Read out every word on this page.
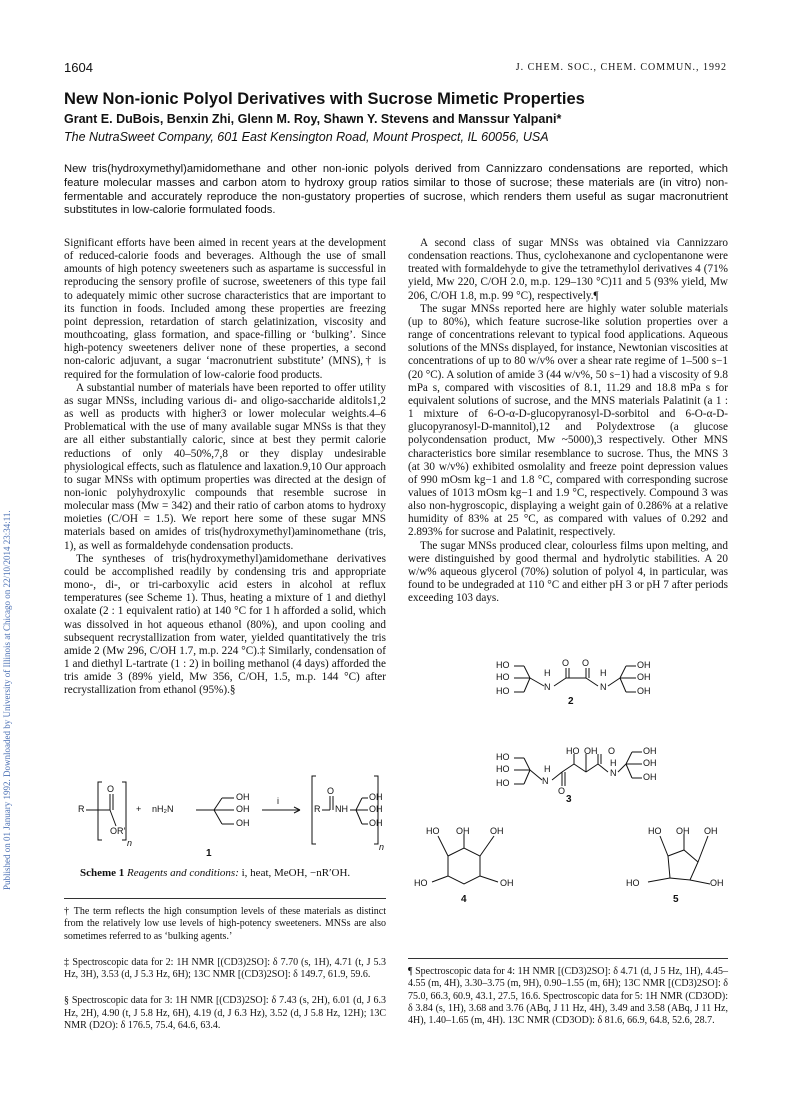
Published on 01 January 1992. Downloaded by University of Illinois at Chicago on 22/10/2014 23:34:11.
1604	J. CHEM. SOC., CHEM. COMMUN., 1992
New Non-ionic Polyol Derivatives with Sucrose Mimetic Properties
Grant E. DuBois, Benxin Zhi, Glenn M. Roy, Shawn Y. Stevens and Manssur Yalpani*
The NutraSweet Company, 601 East Kensington Road, Mount Prospect, IL 60056, USA
New tris(hydroxymethyl)amidomethane and other non-ionic polyols derived from Cannizzaro condensations are reported, which feature molecular masses and carbon atom to hydroxy group ratios similar to those of sucrose; these materials are (in vitro) non-fermentable and accurately reproduce the non-gustatory properties of sucrose, which renders them useful as sugar macronutrient substitutes in low-calorie formulated foods.

Significant efforts have been aimed in recent years at the development of reduced-calorie foods and beverages. Although the use of small amounts of high potency sweeteners such as aspartame is successful in reproducing the sensory profile of sucrose, sweeteners of this type fail to adequately mimic other sucrose characteristics that are important to its function in foods. Included among these properties are freezing point depression, retardation of starch gelatinization, viscosity and mouthcoating, glass formation, and space-filling or ‘bulking’. Since high-potency sweeteners deliver none of these properties, a second non-caloric adjuvant, a sugar ‘macronutrient substitute’ (MNS),† is required for the formulation of low-calorie food products.

A substantial number of materials have been reported to offer utility as sugar MNSs, including various di- and oligo-saccharide alditols1,2 as well as products with higher3 or lower molecular weights.4–6 Problematical with the use of many available sugar MNSs is that they are all either substantially caloric, since at best they permit calorie reductions of only 40–50%,7,8 or they display undesirable physiological effects, such as flatulence and laxation.9,10 Our approach to sugar MNSs with optimum properties was directed at the design of non-ionic polyhydroxylic compounds that resemble sucrose in molecular mass (Mw = 342) and their ratio of carbon atoms to hydroxy moieties (C/OH = 1.5). We report here some of these sugar MNS materials based on amides of tris(hydroxymethyl)aminomethane (tris, 1), as well as formaldehyde condensation products.

The syntheses of tris(hydroxymethyl)amidomethane derivatives could be accomplished readily by condensing tris and appropriate mono-, di-, or tri-carboxylic acid esters in alcohol at reflux temperatures (see Scheme 1). Thus, heating a mixture of 1 and diethyl oxalate (2 : 1 equivalent ratio) at 140 °C for 1 h afforded a solid, which was dissolved in hot aqueous ethanol (80%), and upon cooling and subsequent recrystallization from water, yielded quantitatively the tris amide 2 (Mw 296, C/OH 1.7, m.p. 224 °C).‡ Similarly, condensation of 1 and diethyl L-tartrate (1 : 2) in boiling methanol (4 days) afforded the tris amide 3 (89% yield, Mw 356, C/OH, 1.5, m.p. 144 °C) after recrystallization from ethanol (95%).§

A second class of sugar MNSs was obtained via Cannizzaro condensation reactions. Thus, cyclohexanone and cyclopentanone were treated with formaldehyde to give the tetramethylol derivatives 4 (71% yield, Mw 220, C/OH 2.0, m.p. 129–130 °C)11 and 5 (93% yield, Mw 206, C/OH 1.8, m.p. 99 °C), respectively.¶

The sugar MNSs reported here are highly water soluble materials (up to 80%), which feature sucrose-like solution properties over a range of concentrations relevant to typical food applications. Aqueous solutions of the MNSs displayed, for instance, Newtonian viscosities at concentrations of up to 80 w/v% over a shear rate regime of 1–500 s−1 (20 °C). A solution of amide 3 (44 w/v%, 50 s−1) had a viscosity of 9.8 mPa s, compared with viscosities of 8.1, 11.29 and 18.8 mPa s for equivalent solutions of sucrose, and the MNS materials Palatinit (a 1 : 1 mixture of 6-O-α-D-glucopyranosyl-D-sorbitol and 6-O-α-D-glucopyranosyl-D-mannitol),12 and Polydextrose (a glucose polycondensation product, Mw ~5000),3 respectively. Other MNS characteristics bore similar resemblance to sucrose. Thus, the MNS 3 (at 30 w/v%) exhibited osmolality and freeze point depression values of 990 mOsm kg−1 and 1.8 °C, compared with corresponding sucrose values of 1013 mOsm kg−1 and 1.9 °C, respectively. Compound 3 was also non-hygroscopic, displaying a weight gain of 0.286% at a relative humidity of 83% at 25 °C, as compared with values of 0.292 and 2.893% for sucrose and Palatinit, respectively.

The sugar MNSs produced clear, colourless films upon melting, and were distinguished by good thermal and hydrolytic stabilities. A 20 w/w% aqueous glycerol (70%) solution of polyol 4, in particular, was found to be undegraded at 110 °C and either pH 3 or pH 7 after periods exceeding 103 days.

R
O
OR′
n
+ nH₂N
OH
OH
OH
i
R
O
NH
OH
OH
OH
n
1
Scheme 1 Reagents and conditions: i, heat, MeOH, −nR′OH.
HO
HO
HO
O O
H
N
H
N
OH
OH
OH
2
HO
HO
HO
HO OH O
O
H
N
H
N
OH
OH
OH
3
HO OH OH
HO	OH
4
HO OH OH
HO	OH
5

† The term reflects the high consumption levels of these materials as distinct from the relatively low use levels of high-potency sweeteners. MNSs are also sometimes referred to as ‘bulking agents.’

‡ Spectroscopic data for 2: 1H NMR [(CD3)2SO]: δ 7.70 (s, 1H), 4.71 (t, J 5.3 Hz, 3H), 3.53 (d, J 5.3 Hz, 6H); 13C NMR [(CD3)2SO]: δ 149.7, 61.9, 59.6.

§ Spectroscopic data for 3: 1H NMR [(CD3)2SO]: δ 7.43 (s, 2H), 6.01 (d, J 6.3 Hz, 2H), 4.90 (t, J 5.8 Hz, 6H), 4.19 (d, J 6.3 Hz), 3.52 (d, J 5.8 Hz, 12H); 13C NMR (D2O): δ 176.5, 75.4, 64.6, 63.4.

¶ Spectroscopic data for 4: 1H NMR [(CD3)2SO]: δ 4.71 (d, J 5 Hz, 1H), 4.45–4.55 (m, 4H), 3.30–3.75 (m, 9H), 0.90–1.55 (m, 6H); 13C NMR [(CD3)2SO]: δ 75.0, 66.3, 60.9, 43.1, 27.5, 16.6. Spectroscopic data for 5: 1H NMR (CD3OD): δ 3.84 (s, 1H), 3.68 and 3.76 (ABq, J 11 Hz, 4H), 3.49 and 3.58 (ABq, J 11 Hz, 4H), 1.40–1.65 (m, 4H). 13C NMR (CD3OD): δ 81.6, 66.9, 64.8, 52.6, 28.7.
